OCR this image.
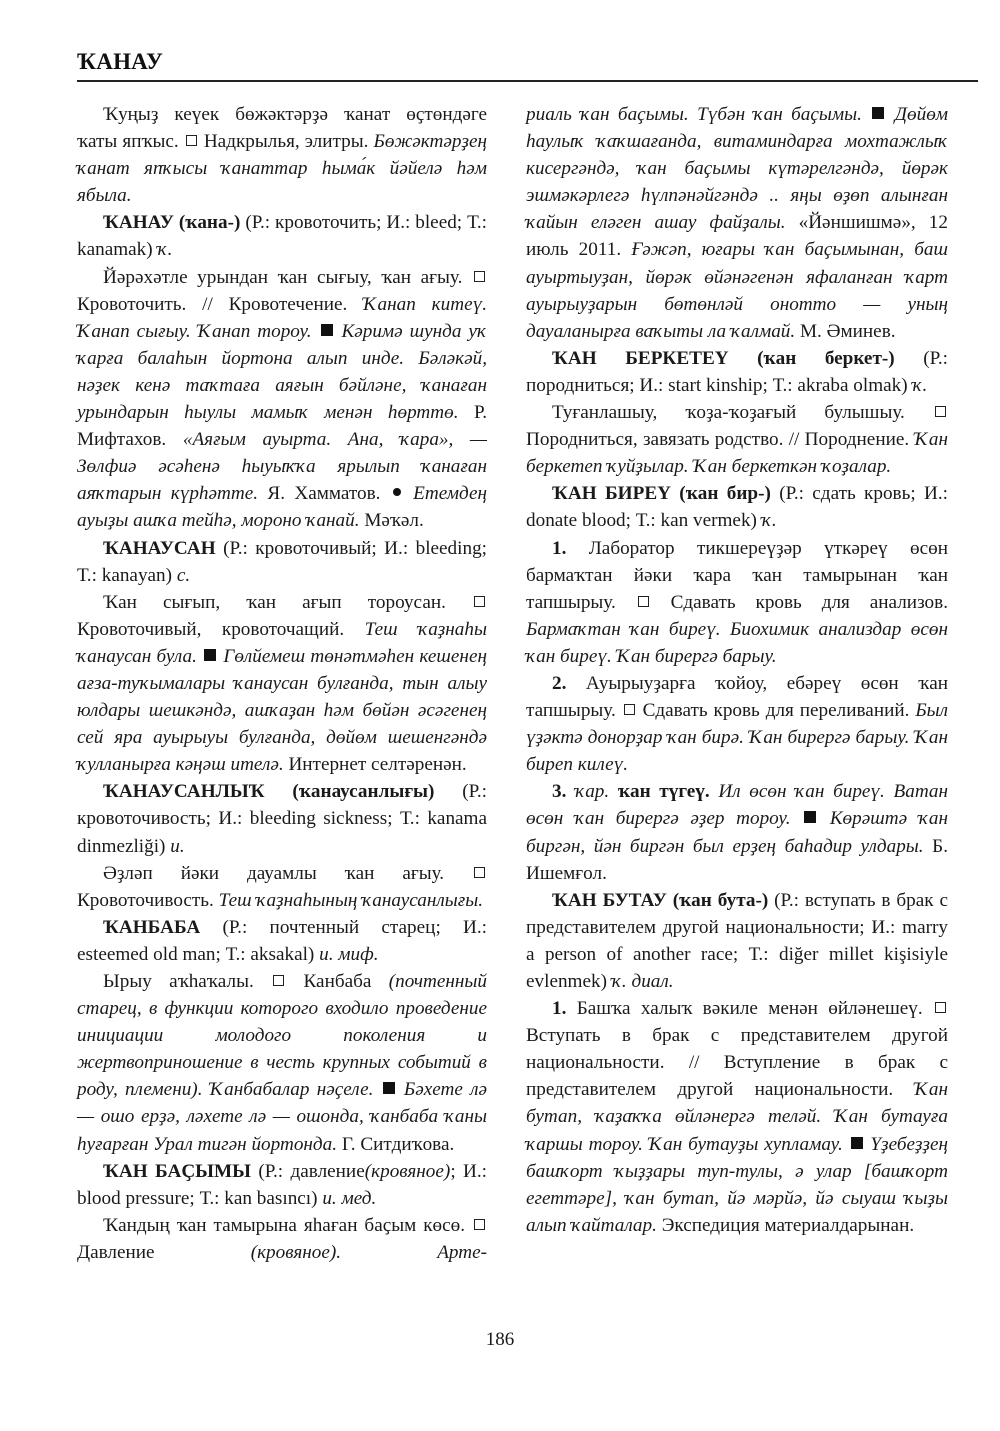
ҠАНАУ

Ҡуңыҙ кеүек бөжәктәрҙә ҡанат өҫтөндәге ҡаты япҡыс. Надкрылья, элитры. Бөжәктәрҙең ҡанат япҡысы ҡанаттар һыма́к йәйелә һәм ябыла.

ҠАНАУ (ҡана-) (Р.: кровоточить; И.: bleed; Т.: kanamak) ҡ.

Йәрәхәтле урындан ҡан сығыу, ҡан ағыу.  Кровоточить. // Кровотечение. Ҡанап китеү. Ҡанап сығыу. Ҡанап тороу. Кәримә шунда уҡ ҡарға балаһын йортона алып инде. Бәләкәй, нәҙек кенә таҡтаға аяғын бәйләне, ҡанаған урындарын һыулы мамыҡ менән һөрттө. Р. Мифтахов. «Аяғым ауырта. Ана, ҡара», — Зөлфиә әсәһенә һыуыҡҡа ярылып ҡанаған аяҡтарын күрһәтте. Я. Хамматов. Етемдең ауыҙы ашҡа тейһә, мороно ҡанай. Мәҡәл.

ҠАНАУСАН (Р.: кровоточивый; И.: bleeding; Т.: kanayan) с.

Ҡан сығып, ҡан ағып тороусан.  Кровоточивый, кровоточащий. Теш ҡаҙнаһы ҡанаусан була. Гөлйемеш төнәтмәһен кешенең ағза-туҡымалары ҡанаусан булғанда, тын алыу юлдары шешкәндә, ашҡаҙан һәм бөйән әсәгенең сей яра ауырыуы булғанда, дөйөм шешенгәндә ҡулланырға кәңәш ителә. Интернет селтәренән.

ҠАНАУСАНЛЫҠ (ҡанаусанлығы) (Р.: кровоточивость; И.: bleeding sickness; Т.: kanama dinmezliği) и.

Әҙләп йәки дауамлы ҡан ағыу.  Кровоточивость. Теш ҡаҙнаһының ҡанаусанлығы.

ҠАНБАБА (Р.: почтенный старец; И.: esteemed old man; Т.: aksakal) и. миф.

Ырыу аҡһаҡалы.	Канбаба (почтенный старец, в функции которого входило проведение инициации молодого поколения и жертвоприношение в честь крупных событий в роду, племени). Ҡанбабалар нәҫеле. Бәхете лә — ошо ерҙә, ләхете лә — ошонда, ҡанбаба ҡаны һуғарған Урал тигән йортонда. Г. Ситдиҡова.

ҠАН БАҪЫМЫ (Р.: давление(кровяное); И.: blood pressure; Т.: kan basıncı) и. мед.

Ҡандың ҡан тамырына яһаған баҫым көсө.  Давление	(кровяное).	Арте-

риаль ҡан баҫымы. Түбән ҡан баҫымы. Дөйөм һаулыҡ ҡаҡшағанда, витаминдарға мохтажлыҡ кисергәндә, ҡан баҫымы күтәрелгәндә, йөрәк эшмәкәрлегә һүлпәнәйгәндә .. яңы өҙөп алынған ҡайын еләген ашау файҙалы. «Йәншишмә», 12 июль 2011. Ғәжәп, юғары ҡан баҫымынан, баш ауыртыуҙан, йөрәк өйәнәгенән яфаланған ҡарт ауырыуҙарын бөтөнләй онотто — уның дауаланырға ваҡыты ла ҡалмай. М. Әминев.

ҠАН БЕРКЕТЕҮ (ҡан беркет-) (Р.: породниться; И.: start kinship; Т.: akraba olmak) ҡ.

Туғанлашыу, ҡоҙа-ҡоҙағый булышыу.  Породниться, завязать родство. // Породнение. Ҡан беркетеп ҡуйҙылар. Ҡан беркеткән ҡоҙалар.

ҠАН БИРЕҮ (ҡан бир-) (Р.: сдать кровь; И.: donate blood; Т.: kan vermek) ҡ.

1. Лаборатор тикшереүҙәр үткәреү өсөн бармаҡтан йәки ҡара ҡан тамырынан ҡан тапшырыу.	Сдавать кровь для анализов. Бармаҡтан ҡан биреү. Биохимик анализдар өсөн ҡан биреү. Ҡан бирергә барыу.

2. Ауырыуҙарға ҡойоу, ебәреү өсөн ҡан тапшырыу. Сдавать кровь для переливаний. Был үҙәктә донорҙар ҡан бирә. Ҡан бирергә барыу. Ҡан биреп килеү.

3. ҡар. ҡан түгеү. Ил өсөн ҡан биреү. Ватан өсөн ҡан бирергә әҙер тороу. Көрәштә ҡан биргән, йән биргән был ерҙең баһадир улдары. Б. Ишемғол.

ҠАН БУТАУ (ҡан бута-) (Р.: вступать в брак с представителем другой национальности; И.: marry a person of another race; Т.: diğer millet kişisiyle evlenmek) ҡ. диал.

1. Башҡа халыҡ вәкиле менән өйләнешеү.  Вступать в брак с представителем другой национальности. // Вступление в брак с представителем другой национальности. Ҡан бутап, ҡаҙаҡҡа өйләнергә теләй. Ҡан бутауға ҡаршы тороу. Ҡан бутауҙы хупламау. Үҙебеҙҙең башҡорт ҡыҙҙары туп-тулы, ә улар [башҡорт егеттәре], ҡан бутап, йә мәрйә, йә сыуаш ҡыҙы алып ҡайталар. Экспедиция материалдарынан.

186
